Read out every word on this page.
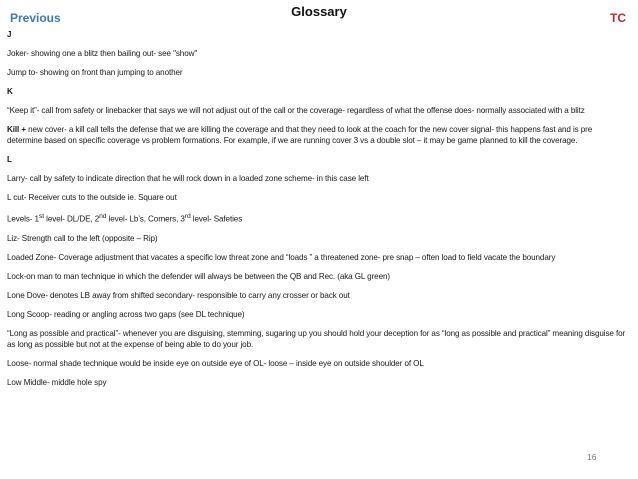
Previous	Glossary	TC

J

Joker- showing one a blitz then bailing out- see "show"

Jump to- showing on front than jumping to another

K

“Keep it”- call from safety or linebacker that says we will not adjust out of the call or the coverage- regardless of what the offense does- normally associated with a blitz

Kill + new cover- a kill call tells the defense that we are killing the coverage and that they need to look at the coach for the new cover signal- this happens fast and is pre determine based on specific coverage vs problem formations. For example, if we are running cover 3 vs a double slot – it may be game planned to kill the coverage.

L

Larry- call by safety to indicate direction that he will rock down in a loaded zone scheme- in this case left

L cut- Receiver cuts to the outside ie. Square out

Levels- 1st level- DL/DE, 2nd level- Lb’s, Corners, 3rd level- Safeties

Liz- Strength call to the left (opposite – Rip)

Loaded Zone- Coverage adjustment that vacates a specific low threat zone and “loads ” a threatened zone- pre snap – often load to field vacate the boundary

Lock-on man to man technique in which the defender will always be between the QB and Rec. (aka GL green)

Lone Dove- denotes LB away from shifted secondary- responsible to carry any crosser or back out

Long Scoop- reading or angling across two gaps (see DL technique)

“Long as possible and practical”- whenever you are disguising, stemming, sugaring up you should hold your deception for as “long as possible and practical” meaning disguise for as long as possible but not at the expense of being able to do your job.

Loose- normal shade technique would be inside eye on outside eye of OL- loose – inside eye on outside shoulder of OL

Low Middle- middle hole spy

16
